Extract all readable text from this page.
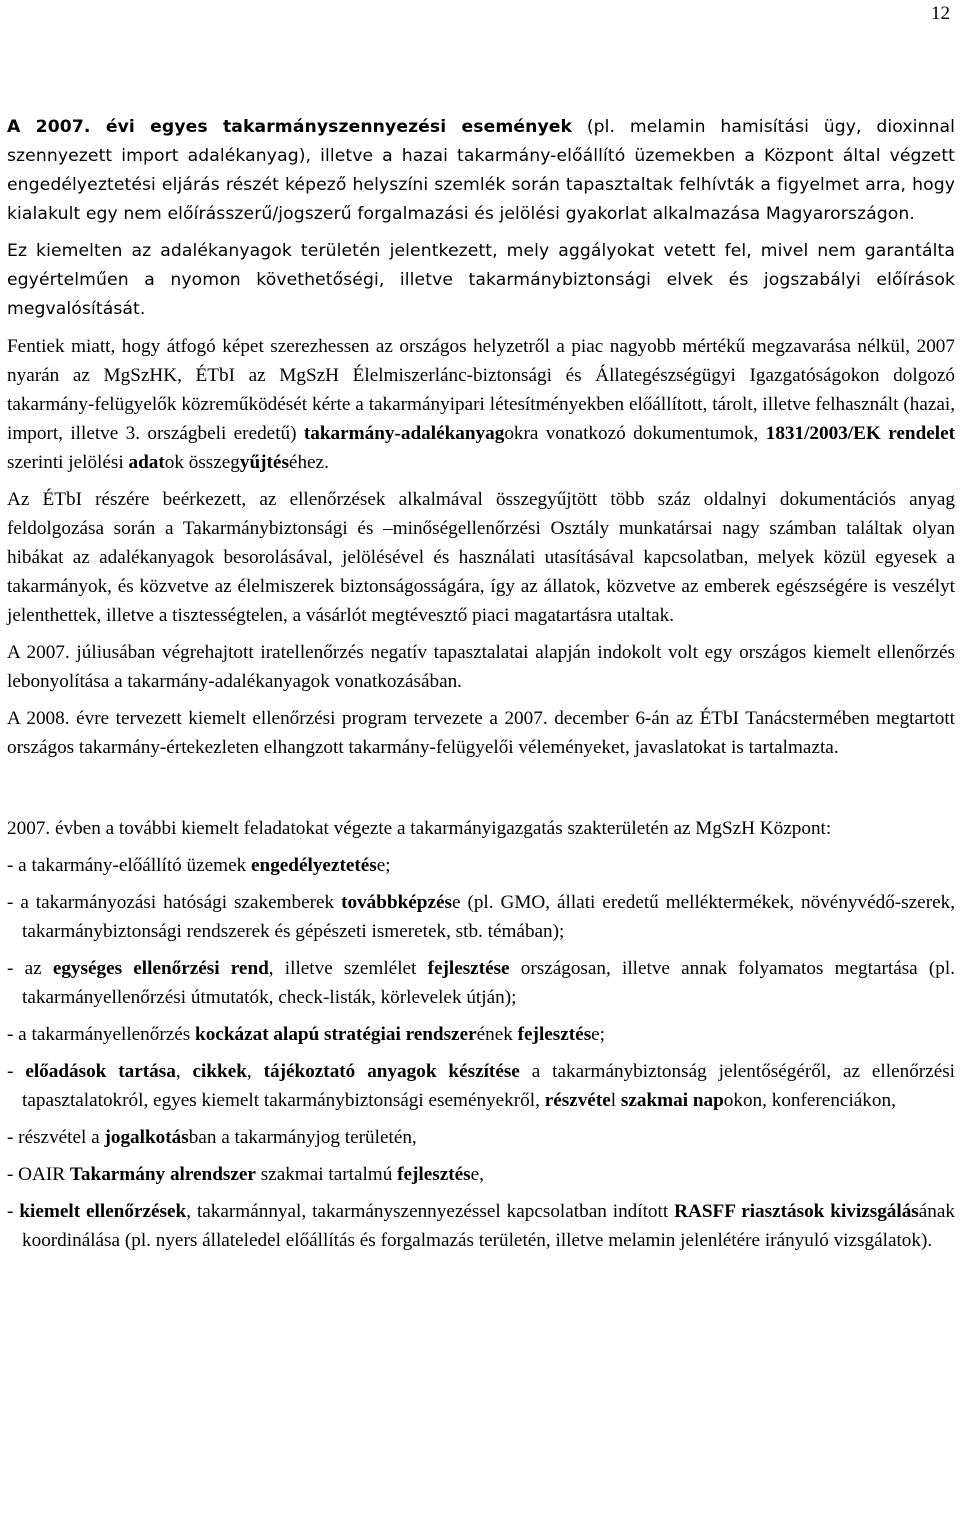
12

A 2007. évi egyes takarmányszennyezési események (pl. melamin hamisítási ügy, dioxinnal szennyezett import adalékanyag), illetve a hazai takarmány-előállító üzemekben a Központ által végzett engedélyeztetési eljárás részét képező helyszíni szemlék során tapasztaltak felhívták a figyelmet arra, hogy kialakult egy nem előírásszerű/jogszerű forgalmazási és jelölési gyakorlat alkalmazása Magyarországon.

Ez kiemelten az adalékanyagok területén jelentkezett, mely aggályokat vetett fel, mivel nem garantálta egyértelműen a nyomon követhetőségi, illetve takarmánybiztonsági elvek és jogszabályi előírások megvalósítását.

Fentiek miatt, hogy átfogó képet szerezhessen az országos helyzetről a piac nagyobb mértékű megzavarása nélkül, 2007 nyarán az MgSzHK, ÉTbI az MgSzH Élelmiszerlánc-biztonsági és Állategészségügyi Igazgatóságokon dolgozó takarmány-felügyelők közreműködését kérte a takarmányipari létesítményekben előállított, tárolt, illetve felhasznált (hazai, import, illetve 3. országbeli eredetű) takarmány-adalékanyagokra vonatkozó dokumentumok, 1831/2003/EK rendelet szerinti jelölési adatok összegyűjtéséhez.

Az ÉTbI részére beérkezett, az ellenőrzések alkalmával összegyűjtött több száz oldalnyi dokumentációs anyag feldolgozása során a Takarmánybiztonsági és –minőségellenőrzési Osztály munkatársai nagy számban találtak olyan hibákat az adalékanyagok besorolásával, jelölésével és használati utasításával kapcsolatban, melyek közül egyesek a takarmányok, és közvetve az élelmiszerek biztonságosságára, így az állatok, közvetve az emberek egészségére is veszélyt jelenthettek, illetve a tisztességtelen, a vásárlót megtévesztő piaci magatartásra utaltak.

A 2007. júliusában végrehajtott iratellenőrzés negatív tapasztalatai alapján indokolt volt egy országos kiemelt ellenőrzés lebonyolítása a takarmány-adalékanyagok vonatkozásában.

A 2008. évre tervezett kiemelt ellenőrzési program tervezete a 2007. december 6-án az ÉTbI Tanácstermében megtartott országos takarmány-értekezleten elhangzott takarmány-felügyelői véleményeket, javaslatokat is tartalmazta.

2007. évben a további kiemelt feladatokat végezte a takarmányigazgatás szakterületén az MgSzH Központ:

- a takarmány-előállító üzemek engedélyeztetése;

- a takarmányozási hatósági szakemberek továbbképzése (pl. GMO, állati eredetű melléktermékek, növényvédő-szerek, takarmánybiztonsági rendszerek és gépészeti ismeretek, stb. témában);

- az egységes ellenőrzési rend, illetve szemlélet fejlesztése országosan, illetve annak folyamatos megtartása (pl. takarmányellenőrzési útmutatók, check-listák, körlevelek útján);

- a takarmányellenőrzés kockázat alapú stratégiai rendszerének fejlesztése;

- előadások tartása, cikkek, tájékoztató anyagok készítése a takarmánybiztonság jelentőségéről, az ellenőrzési tapasztalatokról, egyes kiemelt takarmánybiztonsági eseményekről, részvétel szakmai napokon, konferenciákon,

- részvétel a jogalkotásban a takarmányjog területén,

- OAIR Takarmány alrendszer szakmai tartalmú fejlesztése,

- kiemelt ellenőrzések, takarmánnyal, takarmányszennyezéssel kapcsolatban indított RASFF riasztások kivizsgálásának koordinálása (pl. nyers állateledel előállítás és forgalmazás területén, illetve melamin jelenlétére irányuló vizsgálatok).
